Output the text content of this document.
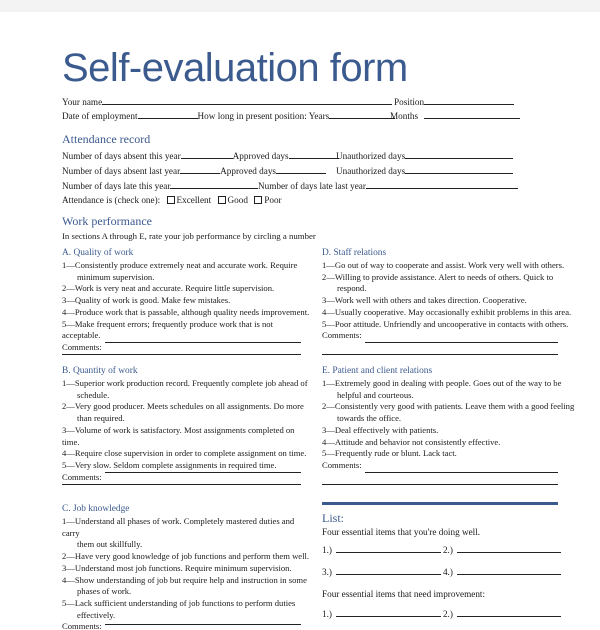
Self-evaluation form
Your name	Position
Date of employment	How long in present position: Years	Months
Attendance record
Number of days absent this year	Approved days	Unauthorized days
Number of days absent last year	Approved days	Unauthorized days
Number of days late this year	Number of days late last year
Attendance is (check one): Excellent Good Poor
Work performance
In sections A through E, rate your job performance by circling a number
A. Quality of work
1—Consistently produce extremely neat and accurate work. Require
minimum supervision.
2—Work is very neat and accurate. Require little supervision.
3—Quality of work is good. Make few mistakes.
4—Produce work that is passable, although quality needs improvement.
5—Make frequent errors; frequently produce work that is not acceptable.
Comments:
D. Staff relations
1—Go out of way to cooperate and assist. Work very well with others.
2—Willing to provide assistance. Alert to needs of others. Quick to
respond.
3—Work well with others and takes direction. Cooperative.
4—Usually cooperative. May occasionally exhibit problems in this area.
5—Poor attitude. Unfriendly and uncooperative in contacts with others.
Comments:
B. Quantity of work
1—Superior work production record. Frequently complete job ahead of
schedule.
2—Very good producer. Meets schedules on all assignments. Do more
than required.
3—Volume of work is satisfactory. Most assignments completed on time.
4—Require close supervision in order to complete assignment on time.
5—Very slow. Seldom complete assignments in required time.
Comments:
E. Patient and client relations
1—Extremely good in dealing with people. Goes out of the way to be
helpful and courteous.
2—Consistently very good with patients. Leave them with a good feeling
towards the office.
3—Deal effectively with patients.
4—Attitude and behavior not consistently effective.
5—Frequently rude or blunt. Lack tact.
Comments:
C. Job knowledge
1—Understand all phases of work. Completely mastered duties and carry
them out skillfully.
2—Have very good knowledge of job functions and perform them well.
3—Understand most job functions. Require minimum supervision.
4—Show understanding of job but require help and instruction in some
phases of work.
5—Lack sufficient understanding of job functions to perform duties
effectively.
Comments:
List:
Four essential items that you're doing well.
1.)	2.)
3.)	4.)
Four essential items that need improvement:
1.)	2.)
